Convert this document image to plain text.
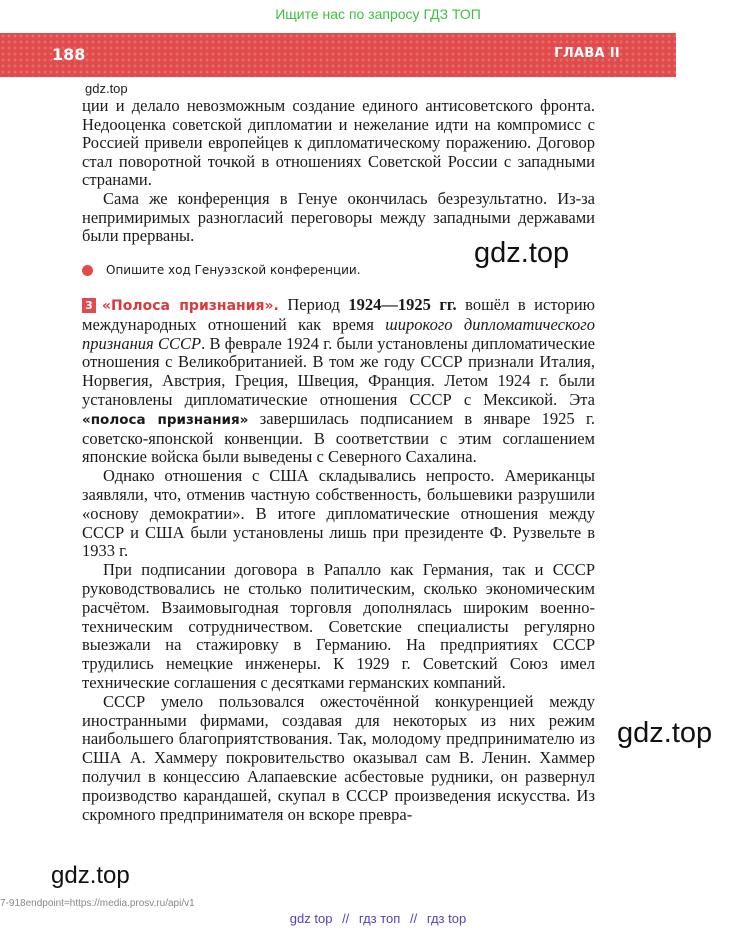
Ищите нас по запросу ГДЗ ТОП
188	ГЛАВА II
gdz.top

ции и делало невозможным создание единого антисоветского фронта. Недооценка советской дипломатии и нежелание идти на компромисс с Россией привели европейцев к дипломатическому поражению. Договор стал поворотной точкой в отношениях Советской России с западными странами.

Сама же конференция в Генуе окончилась безрезультатно. Из-за непримиримых разногласий переговоры между западными державами были прерваны.

Опишите ход Генуэзской конференции.

3 «Полоса признания». Период 1924—1925 гг. вошёл в историю международных отношений как время широкого дипломатического признания СССР. В феврале 1924 г. были установлены дипломатические отношения с Великобританией. В том же году СССР признали Италия, Норвегия, Австрия, Греция, Швеция, Франция. Летом 1924 г. были установлены дипломатические отношения СССР с Мексикой. Эта «полоса признания» завершилась подписанием в январе 1925 г. советско-японской конвенции. В соответствии с этим соглашением японские войска были выведены с Северного Сахалина.

Однако отношения с США складывались непросто. Американцы заявляли, что, отменив частную собственность, большевики разрушили «основу демократии». В итоге дипломатические отношения между СССР и США были установлены лишь при президенте Ф. Рузвельте в 1933 г.

При подписании договора в Рапалло как Германия, так и СССР руководствовались не столько политическим, сколько экономическим расчётом. Взаимовыгодная торговля дополнялась широким военно-техническим сотрудничеством. Советские специалисты регулярно выезжали на стажировку в Германию. На предприятиях СССР трудились немецкие инженеры. К 1929 г. Советский Союз имел технические соглашения с десятками германских компаний.

СССР умело пользовался ожесточённой конкуренцией между иностранными фирмами, создавая для некоторых из них режим наибольшего благоприятствования. Так, молодому предпринимателю из США А. Хаммеру покровительство оказывал сам В. Ленин. Хаммер получил в концессию Алапаевские асбестовые рудники, он развернул производство карандашей, скупал в СССР произведения искусства. Из скромного предпринимателя он вскоре превра-

gdz.top
gdz.top
gdz.top
7-918endpoint=https://media.prosv.ru/api/v1
gdz top // гдз топ // гдз top
